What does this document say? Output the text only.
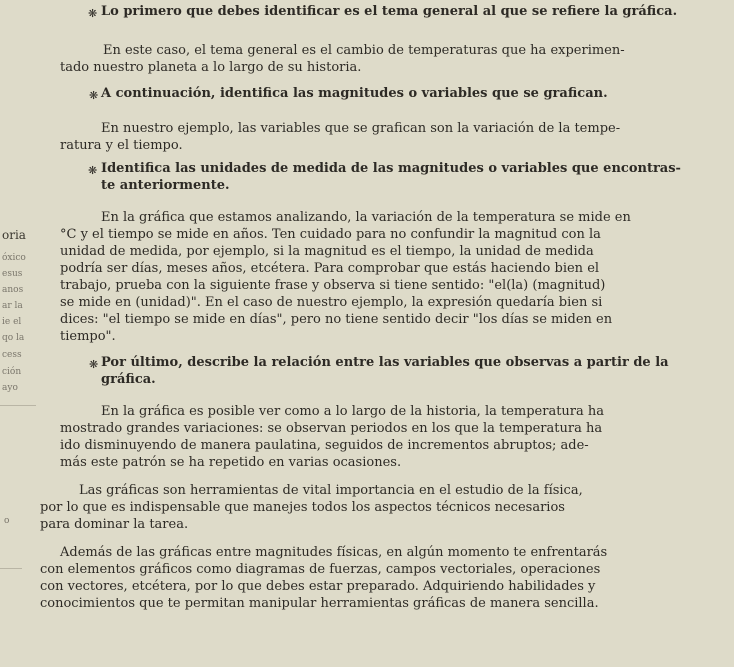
oria
óxico
esus
anos
ar la
ie el
qo la
cess
ción
ayo
o
❋ Lo primero que debes identificar es el tema general al que se refiere la gráfica.
En este caso, el tema general es el cambio de temperaturas que ha experimen-
tado nuestro planeta a lo largo de su historia.
❋ A continuación, identifica las magnitudes o variables que se grafican.
En nuestro ejemplo, las variables que se grafican son la variación de la tempe-
ratura y el tiempo.
❋ Identifica las unidades de medida de las magnitudes o variables que encontras-
te anteriormente.
En la gráfica que estamos analizando, la variación de la temperatura se mide en
°C y el tiempo se mide en años. Ten cuidado para no confundir la magnitud con la
unidad de medida, por ejemplo, si la magnitud es el tiempo, la unidad de medida
podría ser días, meses años, etcétera. Para comprobar que estás haciendo bien el
trabajo, prueba con la siguiente frase y observa si tiene sentido: "el(la) (magnitud)
se mide en (unidad)". En el caso de nuestro ejemplo, la expresión quedaría bien si
dices: "el tiempo se mide en días", pero no tiene sentido decir "los días se miden en
tiempo".
❋ Por último, describe la relación entre las variables que observas a partir de la
gráfica.
En la gráfica es posible ver como a lo largo de la historia, la temperatura ha
mostrado grandes variaciones: se observan periodos en los que la temperatura ha
ido disminuyendo de manera paulatina, seguidos de incrementos abruptos; ade-
más este patrón se ha repetido en varias ocasiones.
Las gráficas son herramientas de vital importancia en el estudio de la física,
por lo que es indispensable que manejes todos los aspectos técnicos necesarios
para dominar la tarea.
Además de las gráficas entre magnitudes físicas, en algún momento te enfrentarás
con elementos gráficos como diagramas de fuerzas, campos vectoriales, operaciones
con vectores, etcétera, por lo que debes estar preparado. Adquiriendo habilidades y
conocimientos que te permitan manipular herramientas gráficas de manera sencilla.
